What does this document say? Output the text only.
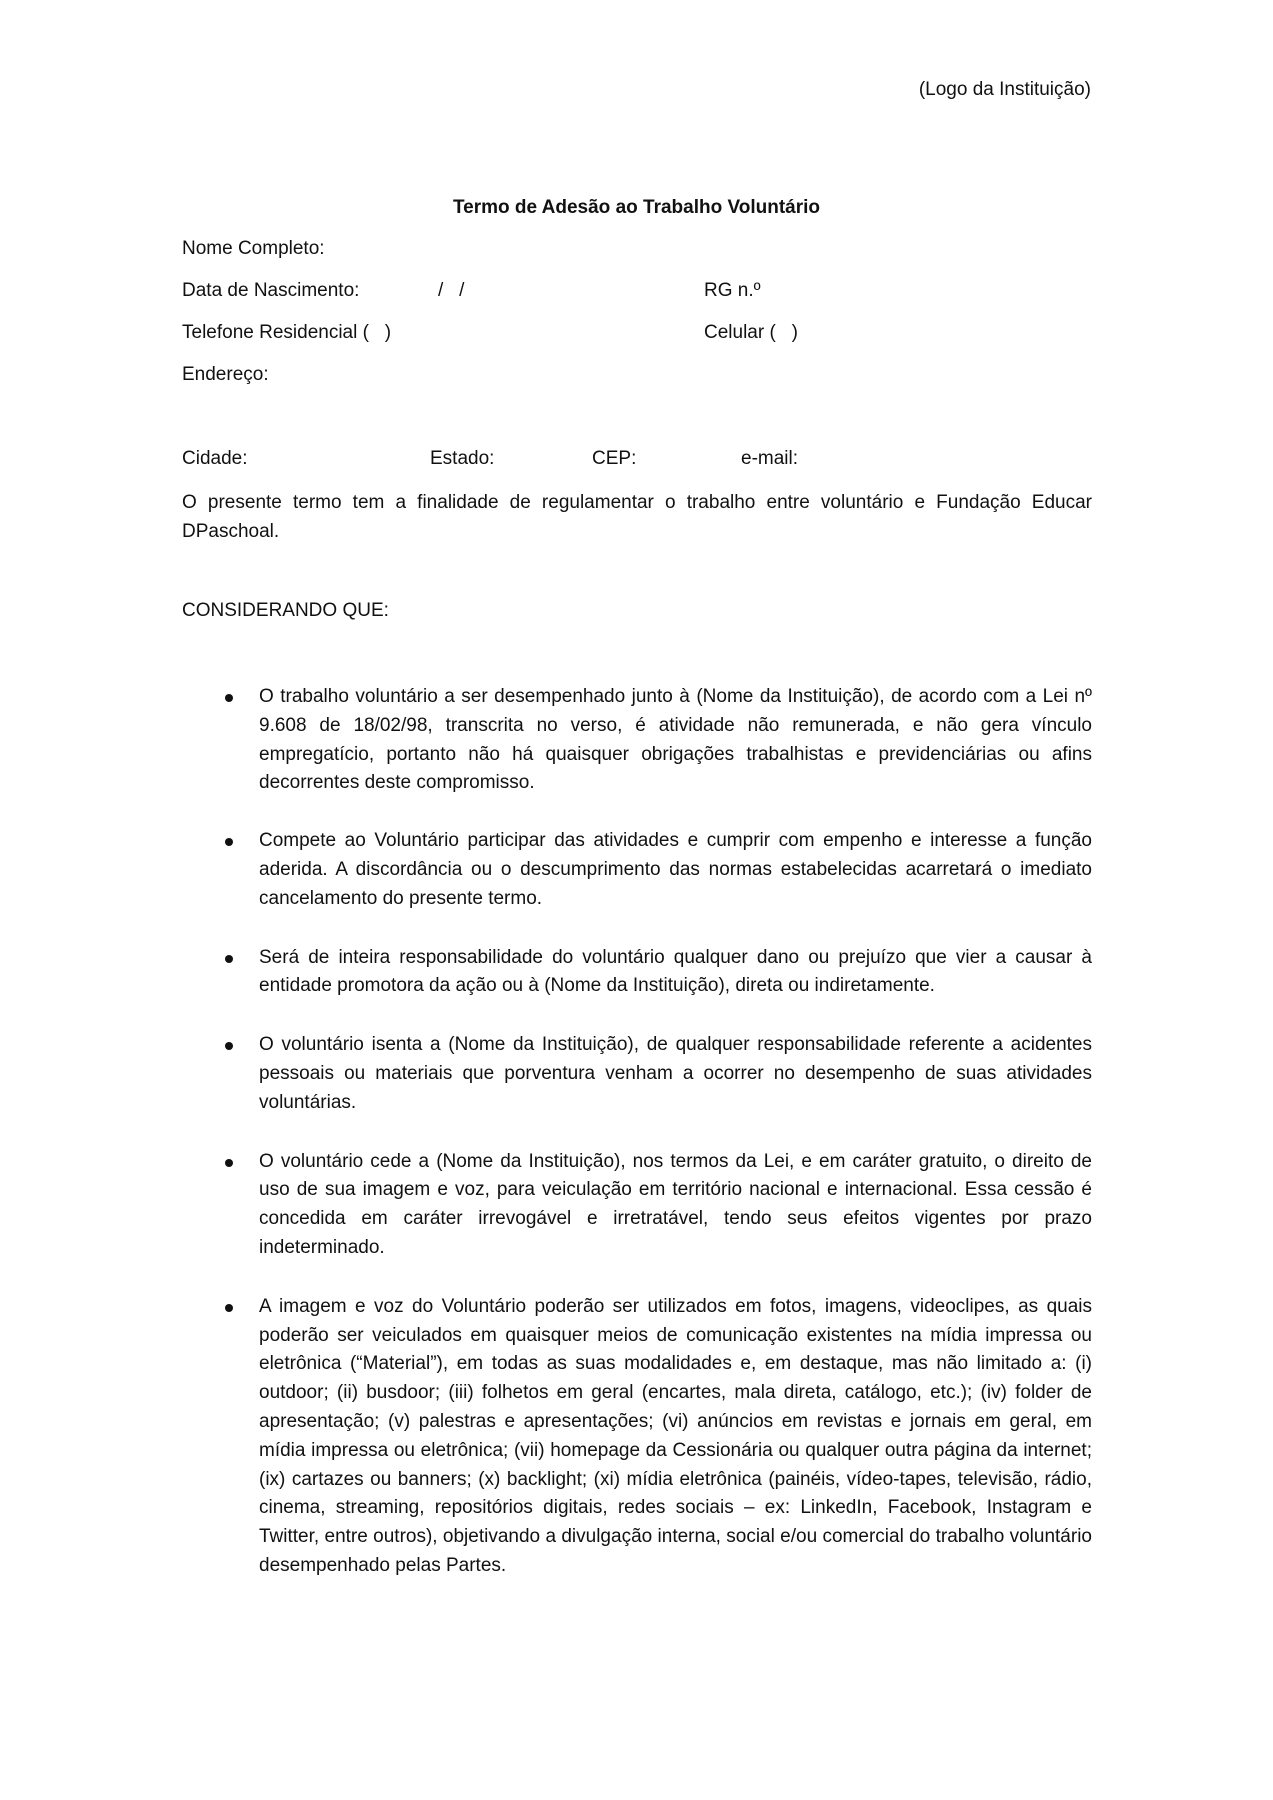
(Logo da Instituição)
Termo de Adesão ao Trabalho Voluntário
Nome Completo:
Data de Nascimento:	/   /	RG n.º
Telefone Residencial (   )	Celular (   )
Endereço:
Cidade:	Estado:	CEP:	e-mail:
O presente termo tem a finalidade de regulamentar o trabalho entre voluntário e Fundação Educar DPaschoal.
CONSIDERANDO QUE:
O trabalho voluntário a ser desempenhado junto à (Nome da Instituição), de acordo com a Lei nº 9.608 de 18/02/98, transcrita no verso, é atividade não remunerada, e não gera vínculo empregatício, portanto não há quaisquer obrigações trabalhistas e previdenciárias ou afins decorrentes deste compromisso.
Compete ao Voluntário participar das atividades e cumprir com empenho e interesse a função aderida. A discordância ou o descumprimento das normas estabelecidas acarretará o imediato cancelamento do presente termo.
Será de inteira responsabilidade do voluntário qualquer dano ou prejuízo que vier a causar à entidade promotora da ação ou à (Nome da Instituição), direta ou indiretamente.
O voluntário isenta a (Nome da Instituição), de qualquer responsabilidade referente a acidentes pessoais ou materiais que porventura venham a ocorrer no desempenho de suas atividades voluntárias.
O voluntário cede a (Nome da Instituição), nos termos da Lei, e em caráter gratuito, o direito de uso de sua imagem e voz, para veiculação em território nacional e internacional. Essa cessão é concedida em caráter irrevogável e irretratável, tendo seus efeitos vigentes por prazo indeterminado.
A imagem e voz do Voluntário poderão ser utilizados em fotos, imagens, videoclipes, as quais poderão ser veiculados em quaisquer meios de comunicação existentes na mídia impressa ou eletrônica (“Material”), em todas as suas modalidades e, em destaque, mas não limitado a: (i) outdoor; (ii) busdoor; (iii) folhetos em geral (encartes, mala direta, catálogo, etc.); (iv) folder de apresentação; (v) palestras e apresentações; (vi) anúncios em revistas e jornais em geral, em mídia impressa ou eletrônica; (vii) homepage da Cessionária ou qualquer outra página da internet; (ix) cartazes ou banners; (x) backlight; (xi) mídia eletrônica (painéis, vídeo-tapes, televisão, rádio, cinema, streaming, repositórios digitais, redes sociais – ex: LinkedIn, Facebook, Instagram e Twitter, entre outros), objetivando a divulgação interna, social e/ou comercial do trabalho voluntário desempenhado pelas Partes.
